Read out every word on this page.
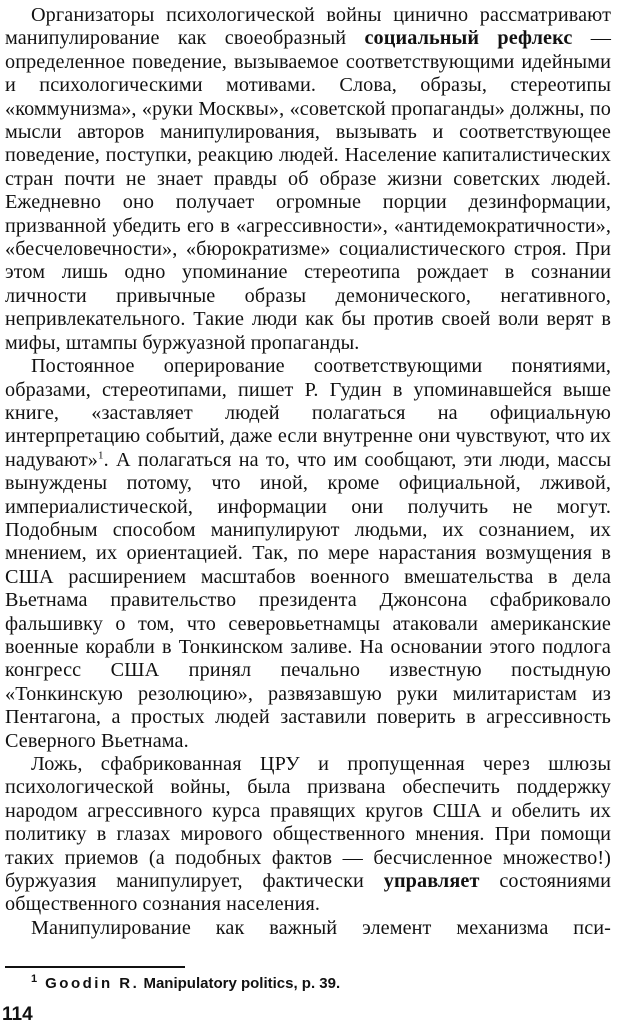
Организаторы психологической войны цинично рассматривают манипулирование как своеобразный социальный рефлекс — определенное поведение, вызываемое соответствующими идейными и психологическими мотивами. Слова, образы, стереотипы «коммунизма», «руки Москвы», «советской пропаганды» должны, по мысли авторов манипулирования, вызывать и соответствующее поведение, поступки, реакцию людей. Население капиталистических стран почти не знает правды об образе жизни советских людей. Ежедневно оно получает огромные порции дезинформации, призванной убедить его в «агрессивности», «антидемократичности», «бесчеловечности», «бюрократизме» социалистического строя. При этом лишь одно упоминание стереотипа рождает в сознании личности привычные образы демонического, негативного, непривлекательного. Такие люди как бы против своей воли верят в мифы, штампы буржуазной пропаганды.

Постоянное оперирование соответствующими понятиями, образами, стереотипами, пишет Р. Гудин в упоминавшейся выше книге, «заставляет людей полагаться на официальную интерпретацию событий, даже если внутренне они чувствуют, что их надувают»$^1$. А полагаться на то, что им сообщают, эти люди, массы вынуждены потому, что иной, кроме официальной, лживой, империалистической, информации они получить не могут. Подобным способом манипулируют людьми, их сознанием, их мнением, их ориентацией. Так, по мере нарастания возмущения в США расширением масштабов военного вмешательства в дела Вьетнама правительство президента Джонсона сфабриковало фальшивку о том, что северовьетнамцы атаковали американские военные корабли в Тонкинском заливе. На основании этого подлога конгресс США принял печально известную постыдную «Тонкинскую резолюцию», развязавшую руки милитаристам из Пентагона, а простых людей заставили поверить в агрессивность Северного Вьетнама.

Ложь, сфабрикованная ЦРУ и пропущенная через шлюзы психологической войны, была призвана обеспечить поддержку народом агрессивного курса правящих кругов США и обелить их политику в глазах мирового общественного мнения. При помощи таких приемов (а подобных фактов — бесчисленное множество!) буржуазия манипулирует, фактически управляет состояниями общественного сознания населения.

Манипулирование как важный элемент механизма пси-

$^1$ Goodin R. Manipulatory politics, p. 39.
114
